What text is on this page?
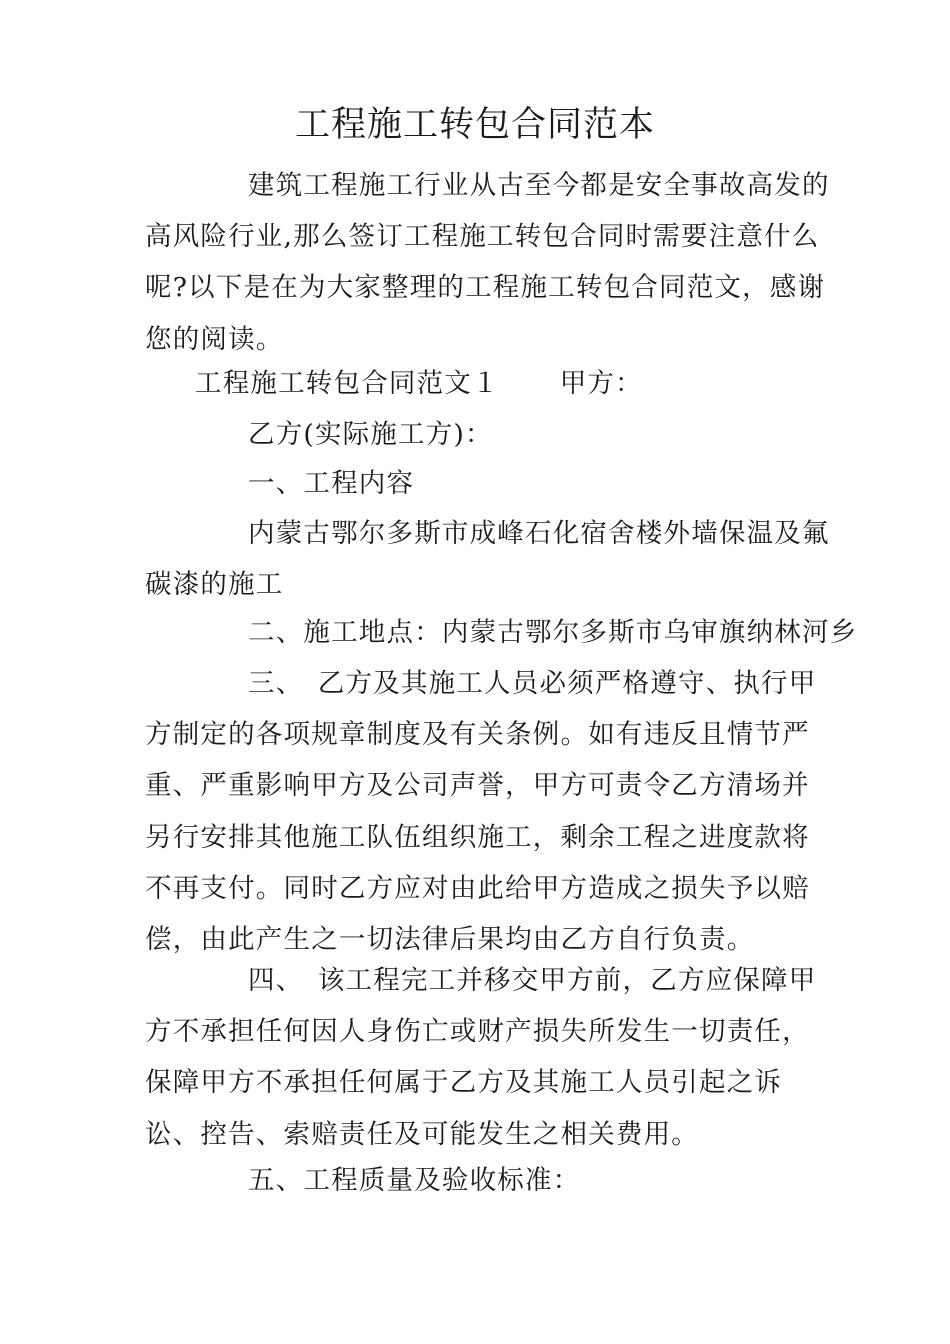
工程施工转包合同范本

建筑工程施工行业从古至今都是安全事故高发的高风险行业,那么签订工程施工转包合同时需要注意什么呢?以下是在为大家整理的工程施工转包合同范文，感谢您的阅读。

工程施工转包合同范文１ 甲方：
乙方(实际施工方)：
一、工程内容

内蒙古鄂尔多斯市成峰石化宿舍楼外墙保温及氟碳漆的施工

二、施工地点：内蒙古鄂尔多斯市乌审旗纳林河乡

三、　乙方及其施工人员必须严格遵守、执行甲方制定的各项规章制度及有关条例。如有违反且情节严重、严重影响甲方及公司声誉，甲方可责令乙方清场并另行安排其他施工队伍组织施工，剩余工程之进度款将不再支付。同时乙方应对由此给甲方造成之损失予以赔偿，由此产生之一切法律后果均由乙方自行负责。

四、　该工程完工并移交甲方前，乙方应保障甲方不承担任何因人身伤亡或财产损失所发生一切责任，保障甲方不承担任何属于乙方及其施工人员引起之诉讼、控告、索赔责任及可能发生之相关费用。

五、工程质量及验收标准：
